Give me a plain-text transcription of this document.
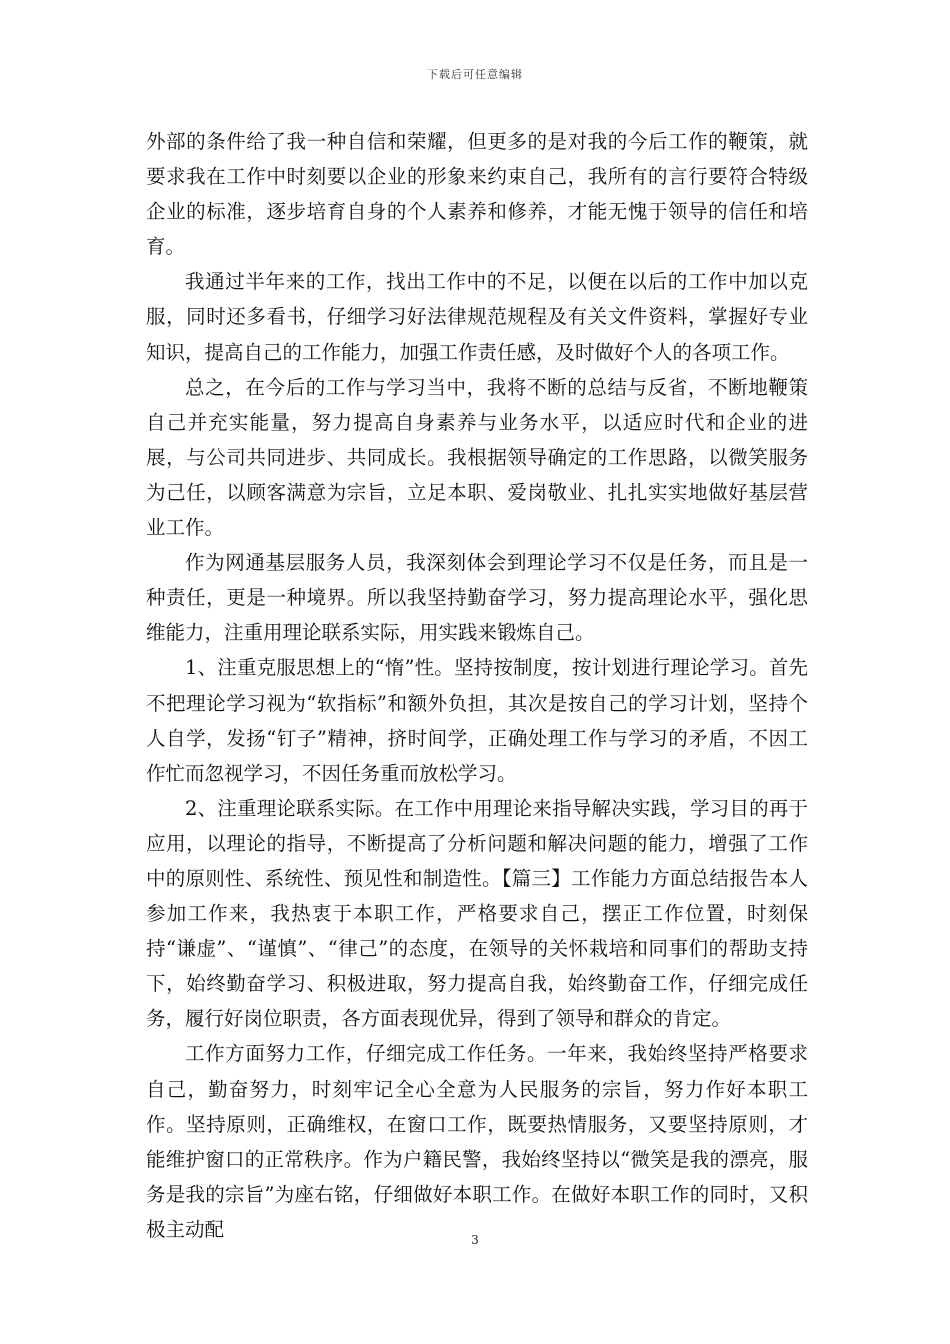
下载后可任意编辑

外部的条件给了我一种自信和荣耀，但更多的是对我的今后工作的鞭策，就要求我在工作中时刻要以企业的形象来约束自己，我所有的言行要符合特级企业的标准，逐步培育自身的个人素养和修养，才能无愧于领导的信任和培育。

我通过半年来的工作，找出工作中的不足，以便在以后的工作中加以克服，同时还多看书，仔细学习好法律规范规程及有关文件资料，掌握好专业知识，提高自己的工作能力，加强工作责任感，及时做好个人的各项工作。

总之，在今后的工作与学习当中，我将不断的总结与反省，不断地鞭策自己并充实能量，努力提高自身素养与业务水平，以适应时代和企业的进展，与公司共同进步、共同成长。我根据领导确定的工作思路，以微笑服务为己任，以顾客满意为宗旨，立足本职、爱岗敬业、扎扎实实地做好基层营业工作。

作为网通基层服务人员，我深刻体会到理论学习不仅是任务，而且是一种责任，更是一种境界。所以我坚持勤奋学习，努力提高理论水平，强化思维能力，注重用理论联系实际，用实践来锻炼自己。

1、注重克服思想上的“惰”性。坚持按制度，按计划进行理论学习。首先不把理论学习视为“软指标”和额外负担，其次是按自己的学习计划，坚持个人自学，发扬“钉子”精神，挤时间学，正确处理工作与学习的矛盾，不因工作忙而忽视学习，不因任务重而放松学习。

2、注重理论联系实际。在工作中用理论来指导解决实践，学习目的再于应用，以理论的指导，不断提高了分析问题和解决问题的能力，增强了工作中的原则性、系统性、预见性和制造性。【篇三】工作能力方面总结报告本人参加工作来，我热衷于本职工作，严格要求自己，摆正工作位置，时刻保持“谦虚”、“谨慎”、“律己”的态度，在领导的关怀栽培和同事们的帮助支持下，始终勤奋学习、积极进取，努力提高自我，始终勤奋工作，仔细完成任务，履行好岗位职责，各方面表现优异，得到了领导和群众的肯定。

工作方面努力工作，仔细完成工作任务。一年来，我始终坚持严格要求自己，勤奋努力，时刻牢记全心全意为人民服务的宗旨，努力作好本职工作。坚持原则，正确维权，在窗口工作，既要热情服务，又要坚持原则，才能维护窗口的正常秩序。作为户籍民警，我始终坚持以“微笑是我的漂亮，服务是我的宗旨”为座右铭，仔细做好本职工作。在做好本职工作的同时，又积极主动配	3
